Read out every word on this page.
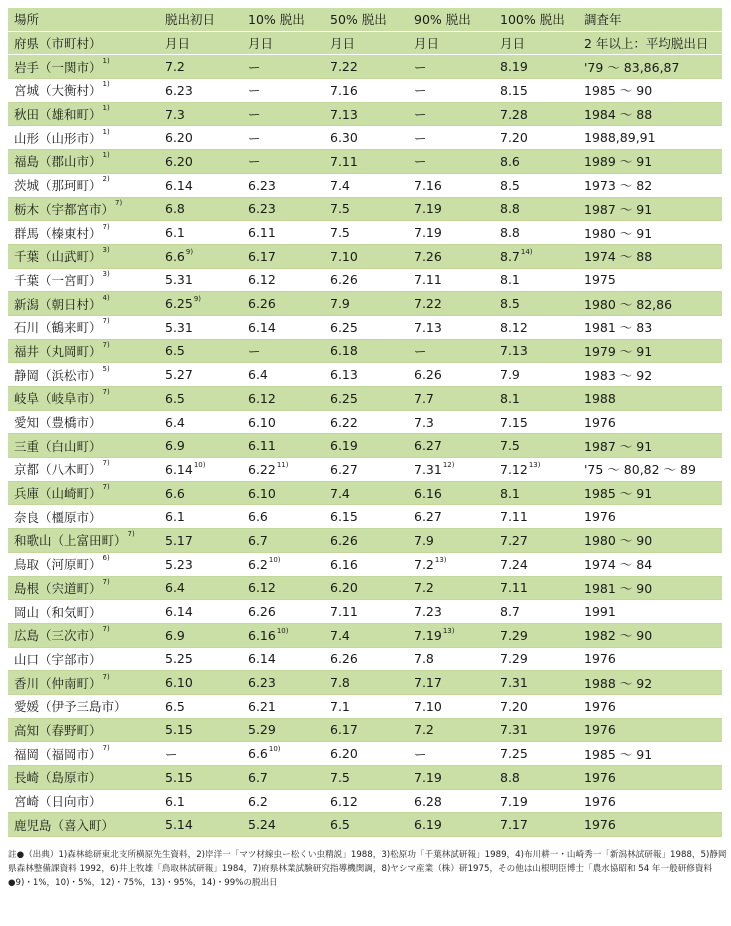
場所	脱出初日	10% 脱出	50% 脱出	90% 脱出	100% 脱出	調査年
府県（市町村）	月日	月日	月日	月日	月日	2 年以上：平均脱出日
岩手（一関市）$^{1)}$	7.2	ー	7.22	ー	8.19	'79 ～ 83,86,87
宮城（大衡村）$^{1)}$	6.23	ー	7.16	ー	8.15	1985 ～ 90
秋田（雄和町）$^{1)}$	7.3	ー	7.13	ー	7.28	1984 ～ 88
山形（山形市）$^{1)}$	6.20	ー	6.30	ー	7.20	1988,89,91
福島（郡山市）$^{1)}$	6.20	ー	7.11	ー	8.6	1989 ～ 91
茨城（那珂町）$^{2)}$	6.14	6.23	7.4	7.16	8.5	1973 ～ 82
栃木（宇都宮市）$^{7)}$	6.8	6.23	7.5	7.19	8.8	1987 ～ 91
群馬（榛東村）$^{7)}$	6.1	6.11	7.5	7.19	8.8	1980 ～ 91
千葉（山武町）$^{3)}$	6.6$^{9)}$	6.17	7.10	7.26	8.7$^{14)}$	1974 ～ 88
千葉（一宮町）$^{3)}$	5.31	6.12	6.26	7.11	8.1	1975
新潟（朝日村）$^{4)}$	6.25$^{9)}$	6.26	7.9	7.22	8.5	1980 ～ 82,86
石川（鶴来町）$^{7)}$	5.31	6.14	6.25	7.13	8.12	1981 ～ 83
福井（丸岡町）$^{7)}$	6.5	ー	6.18	ー	7.13	1979 ～ 91
静岡（浜松市）$^{5)}$	5.27	6.4	6.13	6.26	7.9	1983 ～ 92
岐阜（岐阜市）$^{7)}$	6.5	6.12	6.25	7.7	8.1	1988
愛知（豊橋市）	6.4	6.10	6.22	7.3	7.15	1976
三重（白山町）	6.9	6.11	6.19	6.27	7.5	1987 ～ 91
京都（八木町）$^{7)}$	6.14$^{10)}$	6.22$^{11)}$	6.27	7.31$^{12)}$	7.12$^{13)}$	'75 ～ 80,82 ～ 89
兵庫（山崎町）$^{7)}$	6.6	6.10	7.4	6.16	8.1	1985 ～ 91
奈良（橿原市）	6.1	6.6	6.15	6.27	7.11	1976
和歌山（上富田町）$^{7)}$	5.17	6.7	6.26	7.9	7.27	1980 ～ 90
鳥取（河原町）$^{6)}$	5.23	6.2$^{10)}$	6.16	7.2$^{13)}$	7.24	1974 ～ 84
島根（宍道町）$^{7)}$	6.4	6.12	6.20	7.2	7.11	1981 ～ 90
岡山（和気町）	6.14	6.26	7.11	7.23	8.7	1991
広島（三次市）$^{7)}$	6.9	6.16$^{10)}$	7.4	7.19$^{13)}$	7.29	1982 ～ 90
山口（宇部市）	5.25	6.14	6.26	7.8	7.29	1976
香川（仲南町）$^{7)}$	6.10	6.23	7.8	7.17	7.31	1988 ～ 92
愛媛（伊予三島市）	6.5	6.21	7.1	7.10	7.20	1976
高知（春野町）	5.15	5.29	6.17	7.2	7.31	1976
福岡（福岡市）$^{7)}$	ー	6.6$^{10)}$	6.20	ー	7.25	1985 ～ 91
長崎（島原市）	5.15	6.7	7.5	7.19	8.8	1976
宮崎（日向市）	6.1	6.2	6.12	6.28	7.19	1976
鹿児島（喜入町）	5.14	5.24	6.5	6.19	7.17	1976

註●（出典）1)森林総研東北支所横原先生資料，2)岸洋一「マツ材線虫ー松くい虫精説」1988，3)松原功「千葉林試研報」1989，4)布川耕一・山崎秀一「新潟林試研報」1988，5)静岡

県森林整備課資料 1992，6)井上牧雄「鳥取林試研報」1984，7)府県林業試験研究指導機関調，8)ヤシマ産業（株）研1975，その他は山根明臣博士「農水協昭和 54 年一般研修資料

●9)・1%，10)・5%，12)・75%，13)・95%，14)・99%の脱出日
